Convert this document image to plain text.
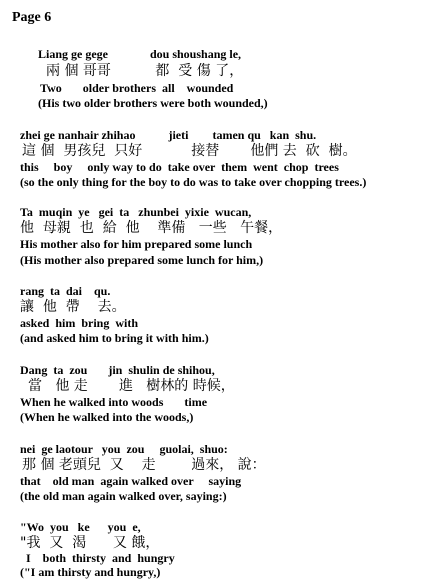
Page 6
Liang ge gege              dou shoushang le,
兩 個 哥哥          都  受 傷 了，
Two       older brothers  all    wounded
(His two older brothers were both wounded,)
zhei ge nanhair zhihao           jieti        tamen qu   kan  shu.
這 個  男孩兒  只好           接替       他們 去  砍  樹。
this     boy     only way to do  take over  them  went  chop  trees
(so the only thing for the boy to do was to take over chopping trees.)
Ta  muqin  ye   gei  ta   zhunbei  yixie  wucan,
他  母親  也  給  他    準備   一些   午餐，
His mother also for him prepared some lunch
(His mother also prepared some lunch for him,)
rang  ta  dai    qu.
讓  他  帶    去。
asked  him  bring  with
(and asked him to bring it with him.)
Dang  ta  zou       jin  shulin de shihou,
當   他 走       進   樹林的 時候，
When he walked into woods       time
(When he walked into the woods,)
nei  ge laotour   you  zou     guolai,  shuo:
那 個 老頭兒  又    走        過來， 說：
that    old man  again walked over     saying
(the old man again walked over, saying:)
"Wo  you   ke      you  e,
"我  又  渴      又 餓，
I    both  thirsty  and  hungry
("I am thirsty and hungry,)
